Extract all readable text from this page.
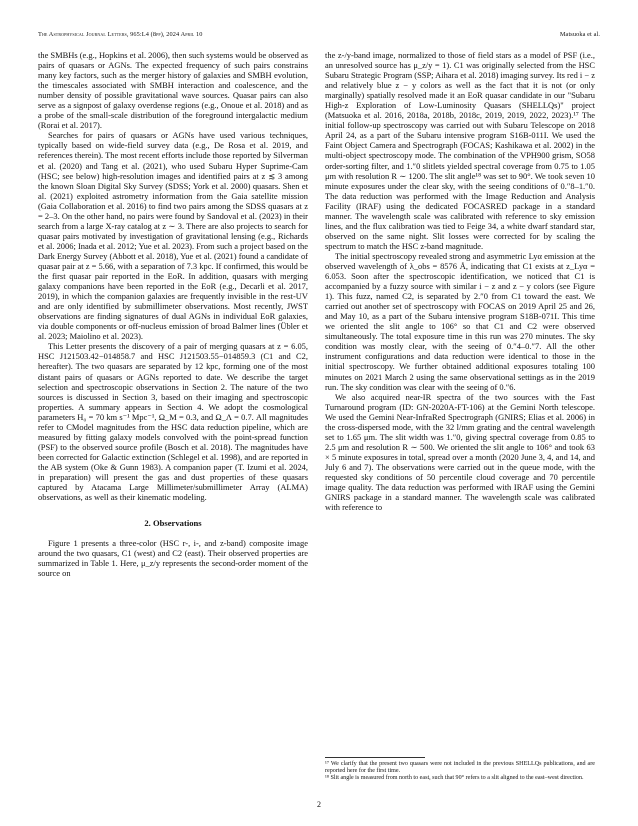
The Astrophysical Journal Letters, 965:L4 (8pp), 2024 April 10	Matsuoka et al.

the SMBHs (e.g., Hopkins et al. 2006), then such systems would be observed as pairs of quasars or AGNs. The expected frequency of such pairs constrains many key factors, such as the merger history of galaxies and SMBH evolution, the timescales associated with SMBH interaction and coalescence, and the number density of possible gravitational wave sources. Quasar pairs can also serve as a signpost of galaxy overdense regions (e.g., Onoue et al. 2018) and as a probe of the small-scale distribution of the foreground intergalactic medium (Rorai et al. 2017).

Searches for pairs of quasars or AGNs have used various techniques, typically based on wide-field survey data (e.g., De Rosa et al. 2019, and references therein). The most recent efforts include those reported by Silverman et al. (2020) and Tang et al. (2021), who used Subaru Hyper Suprime-Cam (HSC; see below) high-resolution images and identified pairs at z ≲ 3 among the known Sloan Digital Sky Survey (SDSS; York et al. 2000) quasars. Shen et al. (2021) exploited astrometry information from the Gaia satellite mission (Gaia Collaboration et al. 2016) to find two pairs among the SDSS quasars at z = 2–3. On the other hand, no pairs were found by Sandoval et al. (2023) in their search from a large X-ray catalog at z ∼ 3. There are also projects to search for quasar pairs motivated by investigation of gravitational lensing (e.g., Richards et al. 2006; Inada et al. 2012; Yue et al. 2023). From such a project based on the Dark Energy Survey (Abbott et al. 2018), Yue et al. (2021) found a candidate of quasar pair at z = 5.66, with a separation of 7.3 kpc. If confirmed, this would be the first quasar pair reported in the EoR. In addition, quasars with merging galaxy companions have been reported in the EoR (e.g., Decarli et al. 2017, 2019), in which the companion galaxies are frequently invisible in the rest-UV and are only identified by submillimeter observations. Most recently, JWST observations are finding signatures of dual AGNs in individual EoR galaxies, via double components or off-nucleus emission of broad Balmer lines (Übler et al. 2023; Maiolino et al. 2023).

This Letter presents the discovery of a pair of merging quasars at z = 6.05, HSC J121503.42−014858.7 and HSC J121503.55−014859.3 (C1 and C2, hereafter). The two quasars are separated by 12 kpc, forming one of the most distant pairs of quasars or AGNs reported to date. We describe the target selection and spectroscopic observations in Section 2. The nature of the two sources is discussed in Section 3, based on their imaging and spectroscopic properties. A summary appears in Section 4. We adopt the cosmological parameters H₀ = 70 km s⁻¹ Mpc⁻¹, Ω_M = 0.3, and Ω_Λ = 0.7. All magnitudes refer to CModel magnitudes from the HSC data reduction pipeline, which are measured by fitting galaxy models convolved with the point-spread function (PSF) to the observed source profile (Bosch et al. 2018). The magnitudes have been corrected for Galactic extinction (Schlegel et al. 1998), and are reported in the AB system (Oke & Gunn 1983). A companion paper (T. Izumi et al. 2024, in preparation) will present the gas and dust properties of these quasars captured by Atacama Large Millimeter/submillimeter Array (ALMA) observations, as well as their kinematic modeling.

2. Observations

Figure 1 presents a three-color (HSC r-, i-, and z-band) composite image around the two quasars, C1 (west) and C2 (east). Their observed properties are summarized in Table 1. Here, μ_z/y represents the second-order moment of the source on

the z-/y-band image, normalized to those of field stars as a model of PSF (i.e., an unresolved source has μ_z/y = 1). C1 was originally selected from the HSC Subaru Strategic Program (SSP; Aihara et al. 2018) imaging survey. Its red i − z and relatively blue z − y colors as well as the fact that it is not (or only marginally) spatially resolved made it an EoR quasar candidate in our "Subaru High-z Exploration of Low-Luminosity Quasars (SHELLQs)" project (Matsuoka et al. 2016, 2018a, 2018b, 2018c, 2019, 2019, 2022, 2023).¹⁷ The initial follow-up spectroscopy was carried out with Subaru Telescope on 2018 April 24, as a part of the Subaru intensive program S16B-011I. We used the Faint Object Camera and Spectrograph (FOCAS; Kashikawa et al. 2002) in the multi-object spectroscopy mode. The combination of the VPH900 grism, SO58 order-sorting filter, and 1.″0 slitlets yielded spectral coverage from 0.75 to 1.05 μm with resolution R ∼ 1200. The slit angle¹⁸ was set to 90°. We took seven 10 minute exposures under the clear sky, with the seeing conditions of 0.″8–1.″0. The data reduction was performed with the Image Reduction and Analysis Facility (IRAF) using the dedicated FOCASRED package in a standard manner. The wavelength scale was calibrated with reference to sky emission lines, and the flux calibration was tied to Feige 34, a white dwarf standard star, observed on the same night. Slit losses were corrected for by scaling the spectrum to match the HSC z-band magnitude.

The initial spectroscopy revealed strong and asymmetric Lyα emission at the observed wavelength of λ_obs = 8576 Å, indicating that C1 exists at z_Lyα = 6.053. Soon after the spectroscopic identification, we noticed that C1 is accompanied by a fuzzy source with similar i − z and z − y colors (see Figure 1). This fuzz, named C2, is separated by 2.″0 from C1 toward the east. We carried out another set of spectroscopy with FOCAS on 2019 April 25 and 26, and May 10, as a part of the Subaru intensive program S18B-071I. This time we oriented the slit angle to 106° so that C1 and C2 were observed simultaneously. The total exposure time in this run was 270 minutes. The sky condition was mostly clear, with the seeing of 0.″4–0.″7. All the other instrument configurations and data reduction were identical to those in the initial spectroscopy. We further obtained additional exposures totaling 100 minutes on 2021 March 2 using the same observational settings as in the 2019 run. The sky condition was clear with the seeing of 0.″6.

We also acquired near-IR spectra of the two sources with the Fast Turnaround program (ID: GN-2020A-FT-106) at the Gemini North telescope. We used the Gemini Near-InfraRed Spectrograph (GNIRS; Elias et al. 2006) in the cross-dispersed mode, with the 32 l/mm grating and the central wavelength set to 1.65 μm. The slit width was 1.″0, giving spectral coverage from 0.85 to 2.5 μm and resolution R ∼ 500. We oriented the slit angle to 106° and took 63 × 5 minute exposures in total, spread over a month (2020 June 3, 4, and 14, and July 6 and 7). The observations were carried out in the queue mode, with the requested sky conditions of 50 percentile cloud coverage and 70 percentile image quality. The data reduction was performed with IRAF using the Gemini GNIRS package in a standard manner. The wavelength scale was calibrated with reference to

¹⁷ We clarify that the present two quasars were not included in the previous SHELLQs publications, and are reported here for the first time.

¹⁸ Slit angle is measured from north to east, such that 90° refers to a slit aligned to the east–west direction.

2
